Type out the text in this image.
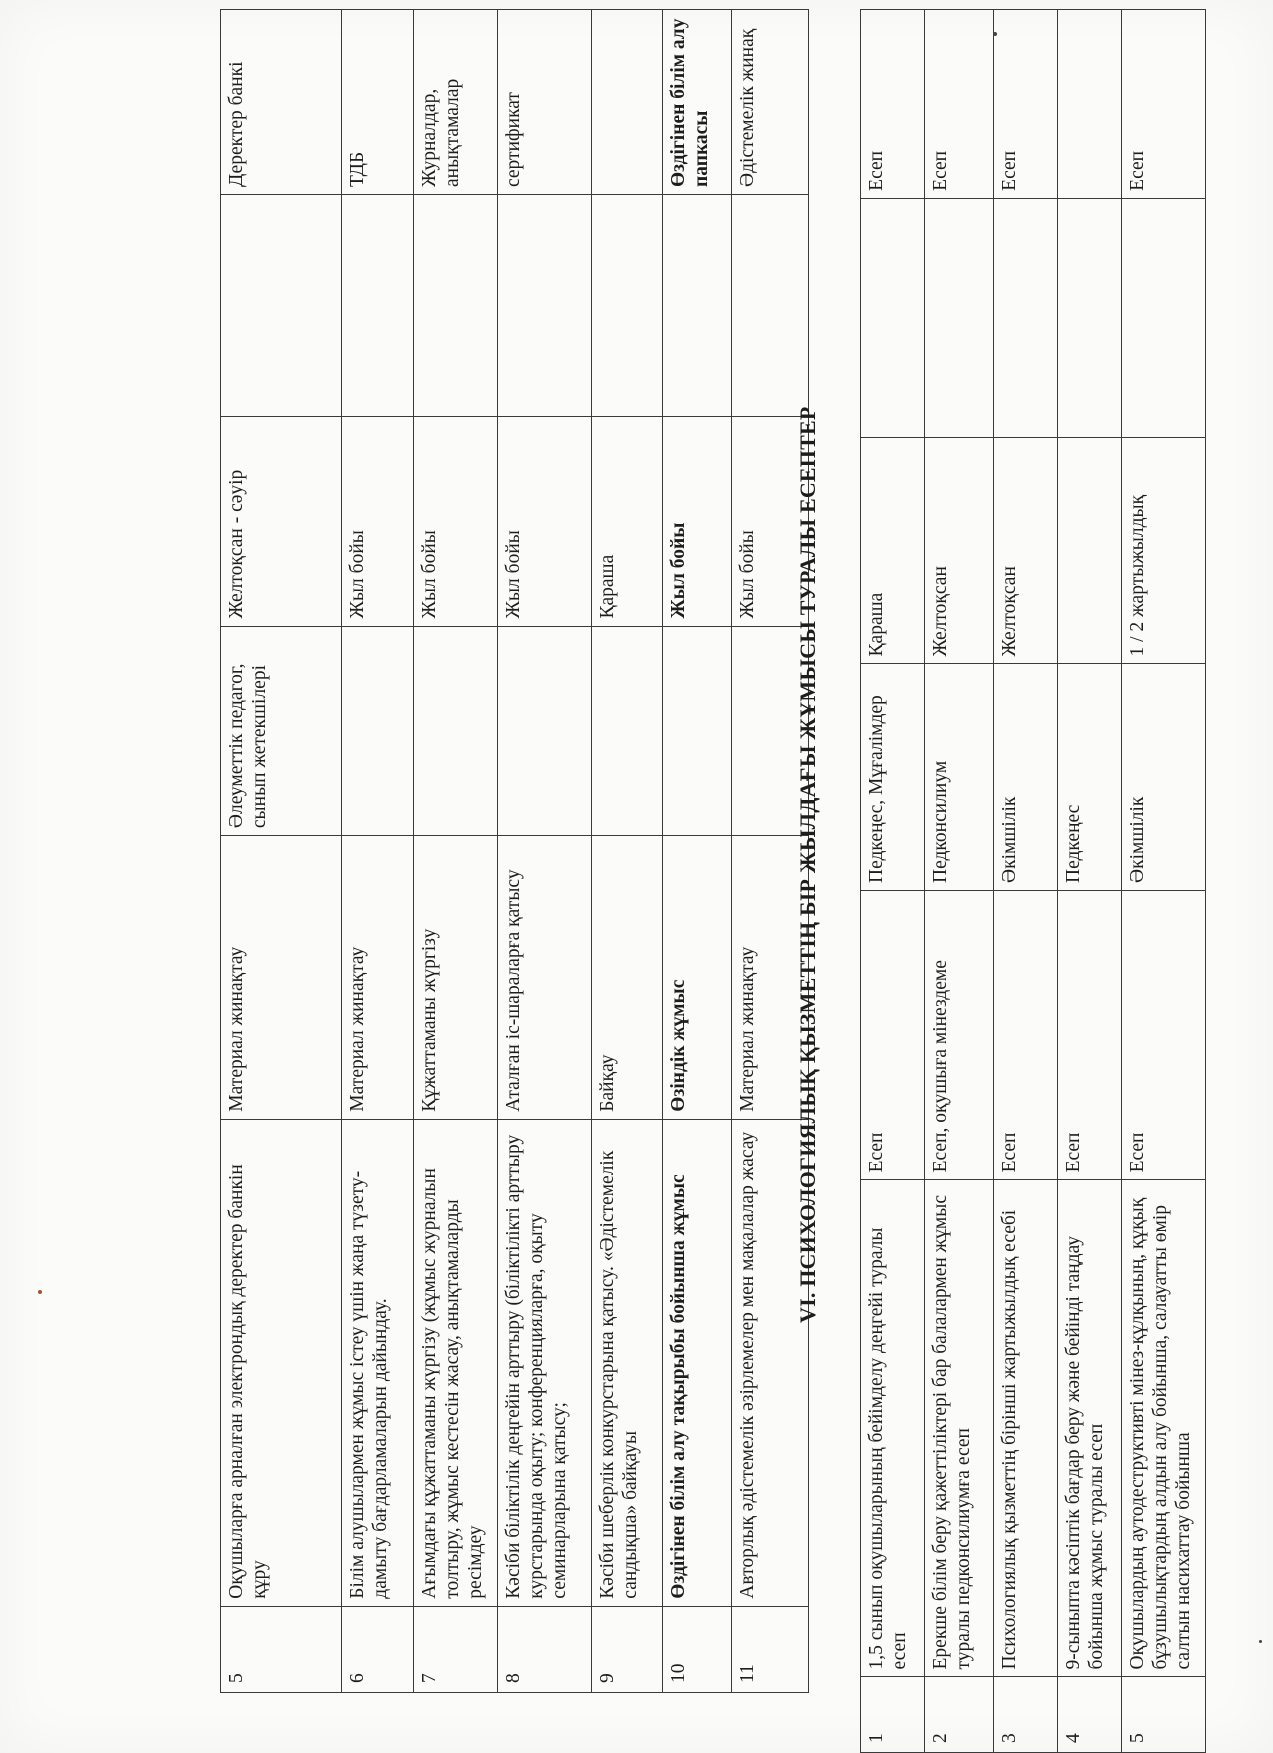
5	Оқушыларға арналған электрондық деректер банкін құру	Материал жинақтау	Әлеуметтік педагог, сынып жетекшілері	Желтоқсан - сәуір		Деректер банкі
6	Білім алушылармен жұмыс істеу үшін жаңа түзету-дамыту бағдарламаларын дайындау.	Материал жинақтау		Жыл бойы		ТДБ
7	Ағымдағы құжаттаманы жүргізу (жұмыс журналын толтыру, жұмыс кестесін жасау, анықтамаларды ресімдеу	Құжаттаманы жүргізу		Жыл бойы		Журналдар, анықтамалар
8	Кәсіби біліктілік деңгейін арттыру (біліктілікті арттыру курстарында оқыту; конференцияларға, оқыту семинарларына қатысу;	Аталған іс-шараларға қатысу		Жыл бойы		сертификат
9	Кәсіби шеберлік конкурстарына қатысу. «Әдістемелік сандықша» байқауы	Байқау		Қараша		
10	Өздігінен білім алу тақырыбы бойынша жұмыс	Өзіндік жұмыс		Жыл бойы		Өздігінен білім алу папкасы
11	Авторлық әдістемелік әзірлемелер мен мақалалар жасау	Материал жинақтау		Жыл бойы		Әдістемелік жинақ
VI. ПСИХОЛОГИЯЛЫҚ ҚЫЗМЕТТІҢ БІР ЖЫЛДАҒЫ ЖҰМЫСЫ ТУРАЛЫ ЕСЕПТЕР
1	1,5 сынып оқушыларының бейімделу деңгейі туралы есеп	Есеп	Педкеңес, Мұғалімдер	Қараша		Есеп
2	Ерекше білім беру қажеттіліктері бар балалармен жұмыс туралы педконсилиумға есеп	Есеп, оқушыға мінездеме	Педконсилиум	Желтоқсан		Есеп
3	Психологиялық қызметтің бірінші жартыжылдық есебі	Есеп	Әкімшілік	Желтоқсан		Есеп
4	9-сыныпта кәсіптік бағдар беру және бейінді таңдау бойынша жұмыс туралы есеп	Есеп	Педкеңес			
5	Оқушылардың аутодеструктивті мінез-құлқының, құқық бұзушылықтардың алдын алу бойынша, салауатты өмір салтын насихаттау бойынша	Есеп	Әкімшілік	1 / 2 жартыжылдық		Есеп
